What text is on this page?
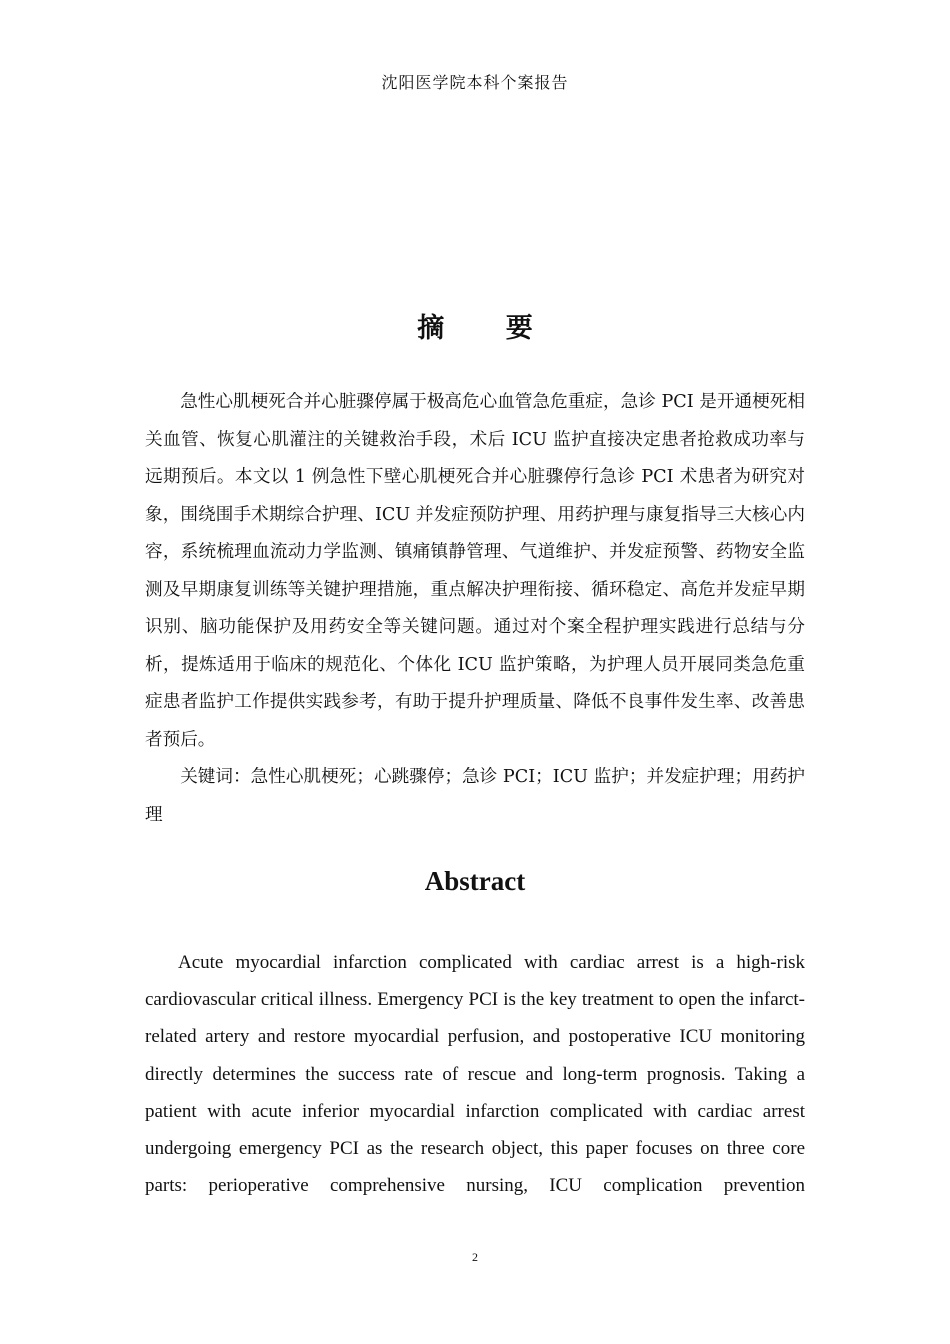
沈阳医学院本科个案报告
摘 要

急性心肌梗死合并心脏骤停属于极高危心血管急危重症，急诊 PCI 是开通梗死相关血管、恢复心肌灌注的关键救治手段，术后 ICU 监护直接决定患者抢救成功率与远期预后。本文以 1 例急性下壁心肌梗死合并心脏骤停行急诊 PCI 术患者为研究对象，围绕围手术期综合护理、ICU 并发症预防护理、用药护理与康复指导三大核心内容，系统梳理血流动力学监测、镇痛镇静管理、气道维护、并发症预警、药物安全监测及早期康复训练等关键护理措施，重点解决护理衔接、循环稳定、高危并发症早期识别、脑功能保护及用药安全等关键问题。通过对个案全程护理实践进行总结与分析，提炼适用于临床的规范化、个体化 ICU 监护策略，为护理人员开展同类急危重症患者监护工作提供实践参考，有助于提升护理质量、降低不良事件发生率、改善患者预后。

关键词：急性心肌梗死；心跳骤停；急诊 PCI；ICU 监护；并发症护理；用药护理

Abstract

Acute myocardial infarction complicated with cardiac arrest is a high-risk cardiovascular critical illness. Emergency PCI is the key treatment to open the infarct-related artery and restore myocardial perfusion, and postoperative ICU monitoring directly determines the success rate of rescue and long-term prognosis. Taking a patient with acute inferior myocardial infarction complicated with cardiac arrest undergoing emergency PCI as the research object, this paper focuses on three core parts: perioperative comprehensive nursing, ICU complication prevention

2
